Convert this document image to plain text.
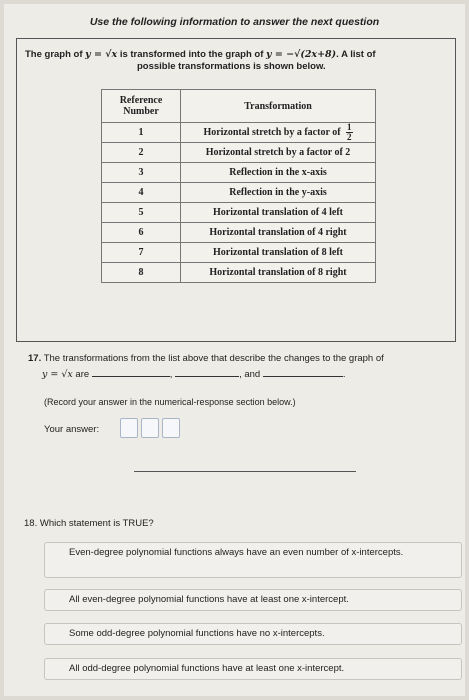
Use the following information to answer the next question
The graph of y = √x is transformed into the graph of y = −√(2x+8). A list of
possible transformations is shown below.
Reference Number	Transformation
1	Horizontal stretch by a factor of $\frac{1}{2}$

2	Horizontal stretch by a factor of 2
3	Reflection in the x-axis
4	Reflection in the y-axis
5	Horizontal translation of 4 left
6	Horizontal translation of 4 right
7	Horizontal translation of 8 left
8	Horizontal translation of 8 right
17. The transformations from the list above that describe the changes to the graph of
y = √x are	,	, and	.
(Record your answer in the numerical-response section below.)
Your answer:
18. Which statement is TRUE?
Even-degree polynomial functions always have an even number of x-intercepts.
All even-degree polynomial functions have at least one x-intercept.
Some odd-degree polynomial functions have no x-intercepts.
All odd-degree polynomial functions have at least one x-intercept.
